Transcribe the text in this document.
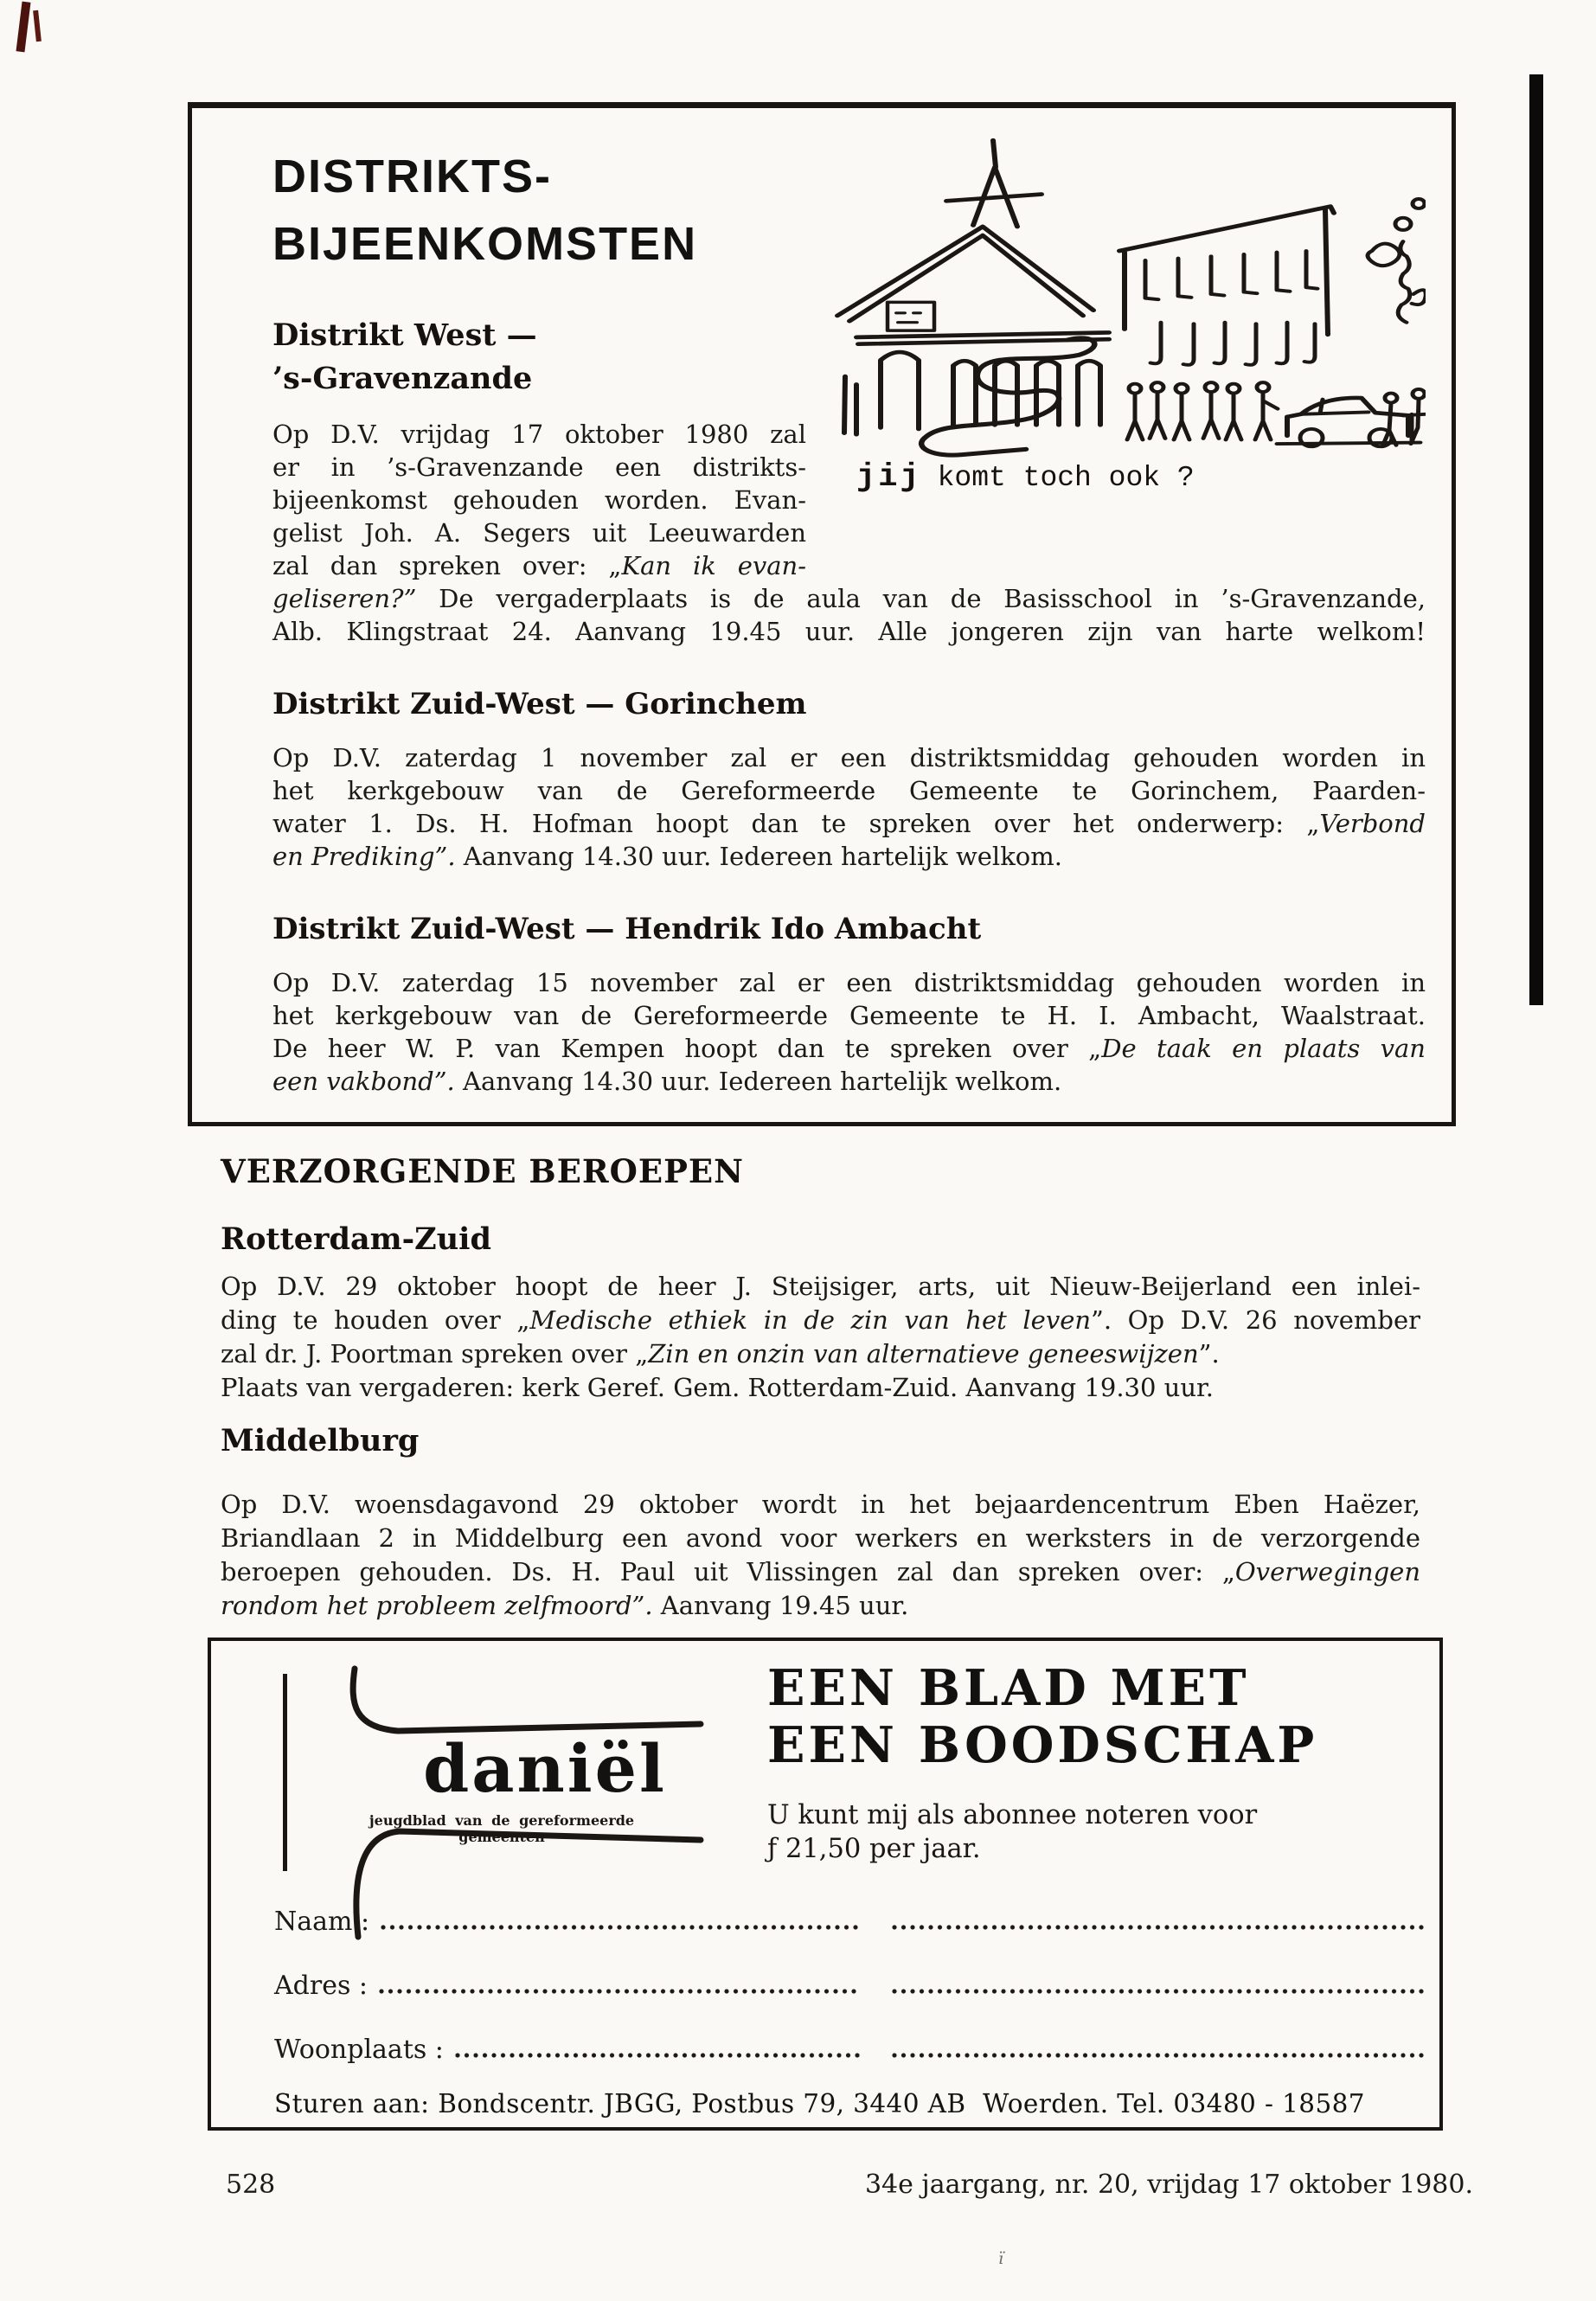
ï
jij komt toch ook ?
DISTRIKTS-
BIJEENKOMSTEN
Distrikt West —
’s-Gravenzande
Op D.V. vrijdag 17 oktober 1980 zal
er in ’s-Gravenzande een distrikts-
bijeenkomst gehouden worden. Evan-
gelist Joh. A. Segers uit Leeuwarden
zal dan spreken over: „Kan ik evan-
geliseren?” De vergaderplaats is de aula van de Basisschool in ’s-Gravenzande,
Alb. Klingstraat 24. Aanvang 19.45 uur. Alle jongeren zijn van harte welkom!
Distrikt Zuid-West — Gorinchem
Op D.V. zaterdag 1 november zal er een distriktsmiddag gehouden worden in
het kerkgebouw van de Gereformeerde Gemeente te Gorinchem, Paarden-
water 1. Ds. H. Hofman hoopt dan te spreken over het onderwerp: „Verbond
en Prediking”. Aanvang 14.30 uur. Iedereen hartelijk welkom.
Distrikt Zuid-West — Hendrik Ido Ambacht
Op D.V. zaterdag 15 november zal er een distriktsmiddag gehouden worden in
het kerkgebouw van de Gereformeerde Gemeente te H. I. Ambacht, Waalstraat.
De heer W. P. van Kempen hoopt dan te spreken over „De taak en plaats van
een vakbond”. Aanvang 14.30 uur. Iedereen hartelijk welkom.
VERZORGENDE BEROEPEN
Rotterdam-Zuid
Op D.V. 29 oktober hoopt de heer J. Steijsiger, arts, uit Nieuw-Beijerland een inlei-
ding te houden over „Medische ethiek in de zin van het leven”. Op D.V. 26 november
zal dr. J. Poortman spreken over „Zin en onzin van alternatieve geneeswijzen”.
Plaats van vergaderen: kerk Geref. Gem. Rotterdam-Zuid. Aanvang 19.30 uur.
Middelburg
Op D.V. woensdagavond 29 oktober wordt in het bejaardencentrum Eben Haëzer,
Briandlaan 2 in Middelburg een avond voor werkers en werksters in de verzorgende
beroepen gehouden. Ds. H. Paul uit Vlissingen zal dan spreken over: „Overwegingen
rondom het probleem zelfmoord”. Aanvang 19.45 uur.
daniël
jeugdblad van de gereformeerde gemeenten
EEN BLAD MET
EEN BOODSCHAP
U kunt mij als abonnee noteren voor
ƒ 21,50 per jaar.
Naam :
Adres :
Woonplaats :
Sturen aan: Bondscentr. JBGG, Postbus 79, 3440 AB  Woerden. Tel. 03480 - 18587
528	34e jaargang, nr. 20, vrijdag 17 oktober 1980.
